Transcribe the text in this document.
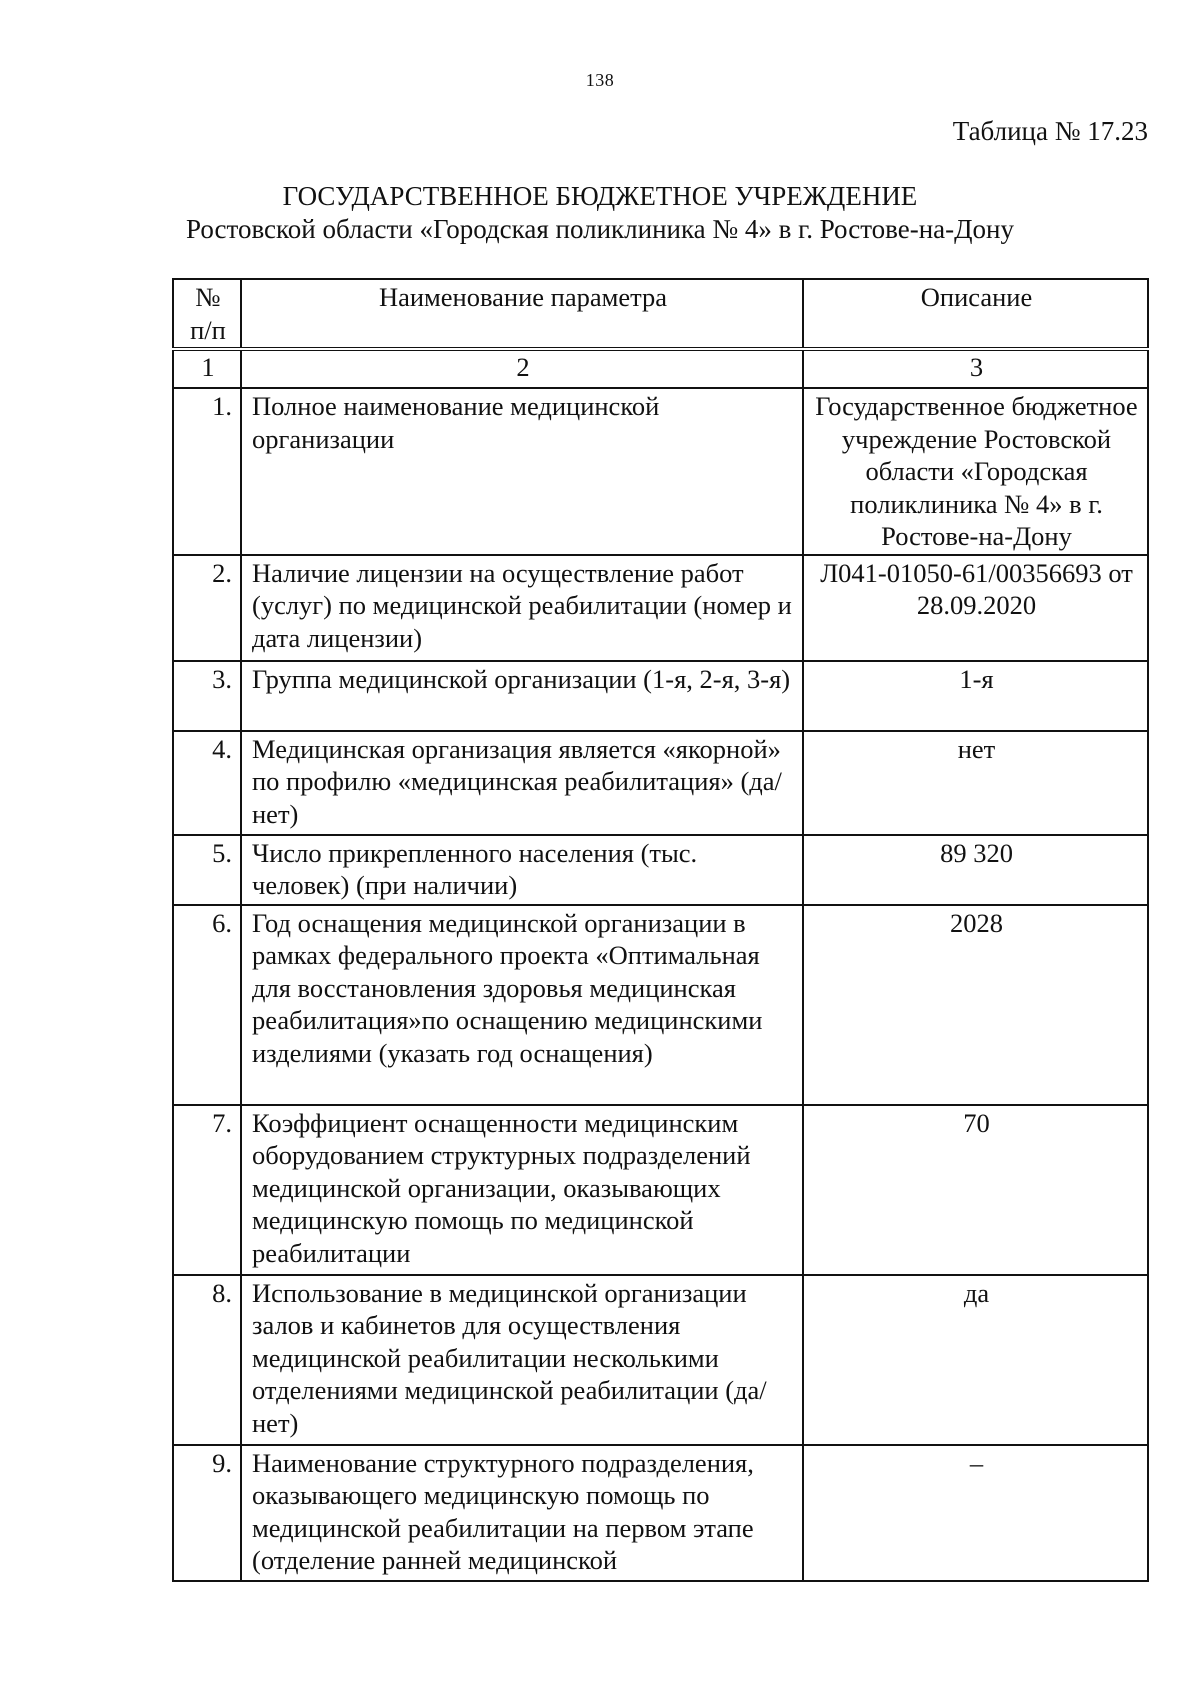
138
Таблица № 17.23
ГОСУДАРСТВЕННОЕ БЮДЖЕТНОЕ УЧРЕЖДЕНИЕ
Ростовской области «Городская поликлиника № 4» в г. Ростове-на-Дону
№ п/п	Наименование параметра	Описание
1	2	3
1.	Полное наименование медицинской организации	Государственное бюджетное учреждение Ростовской области «Городская поликлиника № 4» в г. Ростове-на-Дону
2.	Наличие лицензии на осуществление работ (услуг) по медицинской реабилитации (номер и дата лицензии)	Л041-01050-61/00356693 от 28.09.2020
3.	Группа медицинской организации (1-я, 2-я, 3-я)	1-я
4.	Медицинская организация является «якорной» по профилю «медицинская реабилитация» (да/нет)	нет
5.	Число прикрепленного населения (тыс. человек) (при наличии)	89 320
6.	Год оснащения медицинской организации в рамках федерального проекта «Оптимальная для восстановления здоровья медицинская реабилитация»по оснащению медицинскими изделиями (указать год оснащения)	2028
7.	Коэффициент оснащенности медицинским оборудованием структурных подразделений медицинской организации, оказывающих медицинскую помощь по медицинской реабилитации	70
8.	Использование в медицинской организации залов и кабинетов для осуществления медицинской реабилитации несколькими отделениями медицинской реабилитации (да/нет)	да
9.	Наименование структурного подразделения, оказывающего медицинскую помощь по медицинской реабилитации на первом этапе (отделение ранней медицинской	–
